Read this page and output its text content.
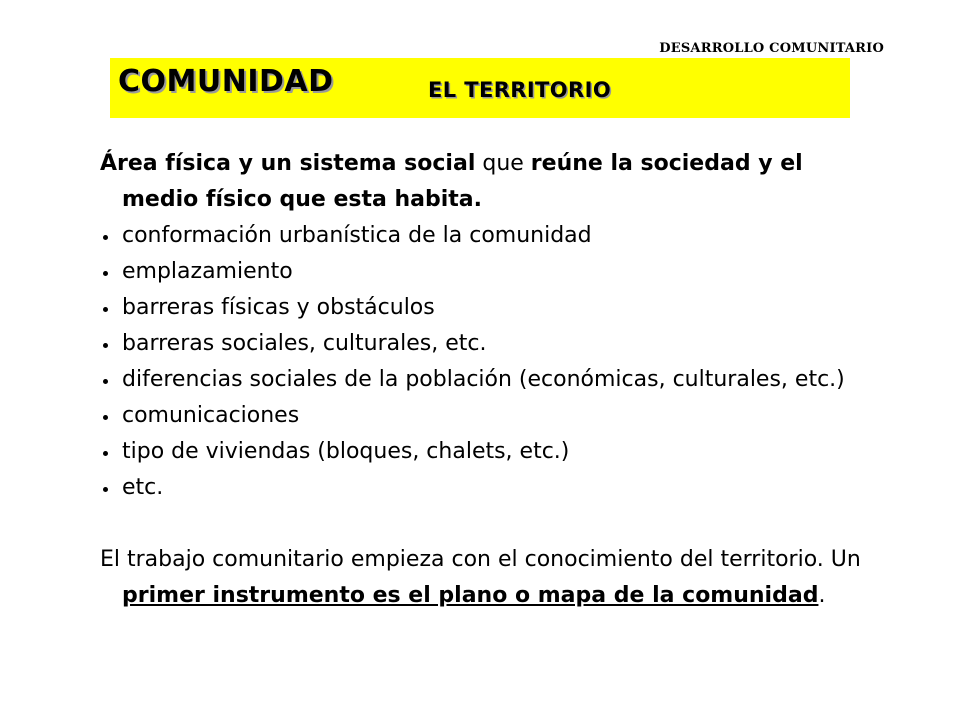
DESARROLLO COMUNITARIO
COMUNIDAD	EL TERRITORIO

Área física y un sistema social que reúne la sociedad y el medio físico que esta habita.

conformación urbanística de la comunidad
emplazamiento
barreras físicas y obstáculos
barreras sociales, culturales, etc.
diferencias sociales de la población (económicas, culturales, etc.)
comunicaciones
tipo de viviendas (bloques, chalets, etc.)
etc.

El trabajo comunitario empieza con el conocimiento del territorio. Un primer instrumento es el plano o mapa de la comunidad.
